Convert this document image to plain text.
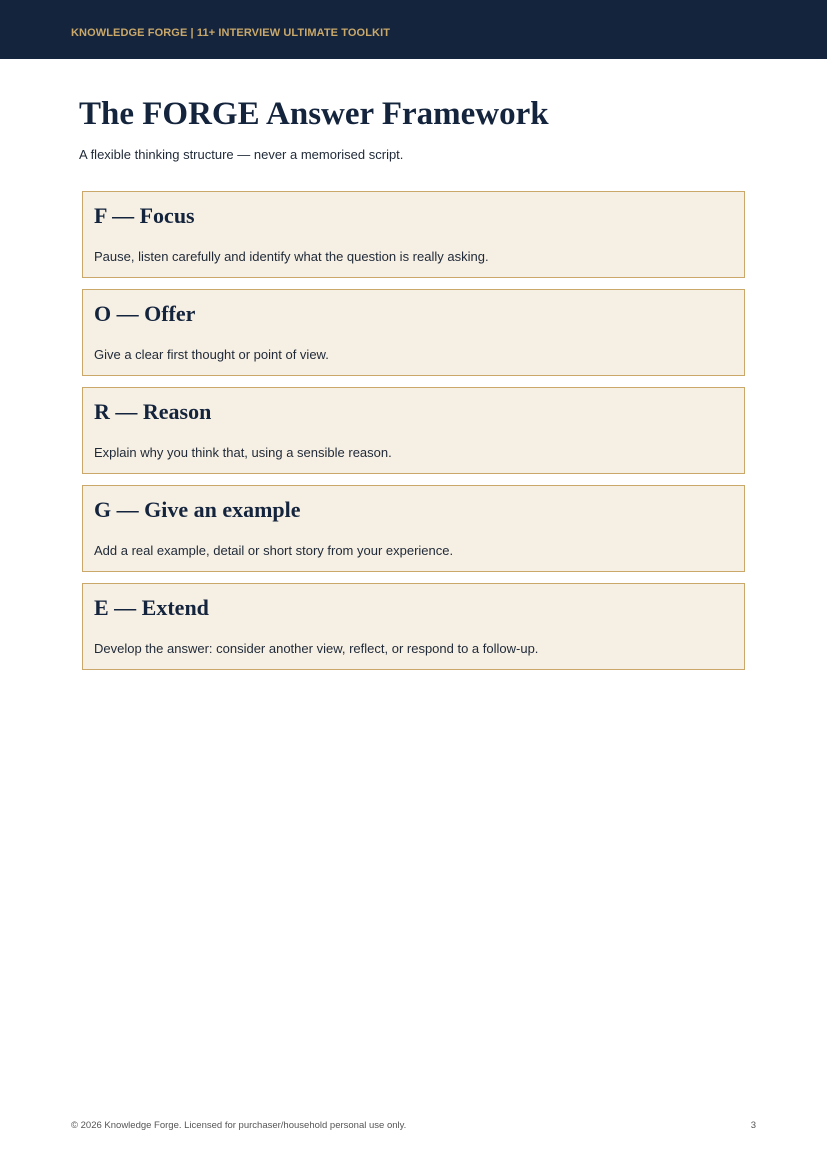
KNOWLEDGE FORGE | 11+ INTERVIEW ULTIMATE TOOLKIT
The FORGE Answer Framework

A flexible thinking structure — never a memorised script.

F — Focus
Pause, listen carefully and identify what the question is really asking.
O — Offer
Give a clear first thought or point of view.
R — Reason
Explain why you think that, using a sensible reason.
G — Give an example
Add a real example, detail or short story from your experience.
E — Extend
Develop the answer: consider another view, reflect, or respond to a follow-up.
© 2026 Knowledge Forge. Licensed for purchaser/household personal use only.	3
